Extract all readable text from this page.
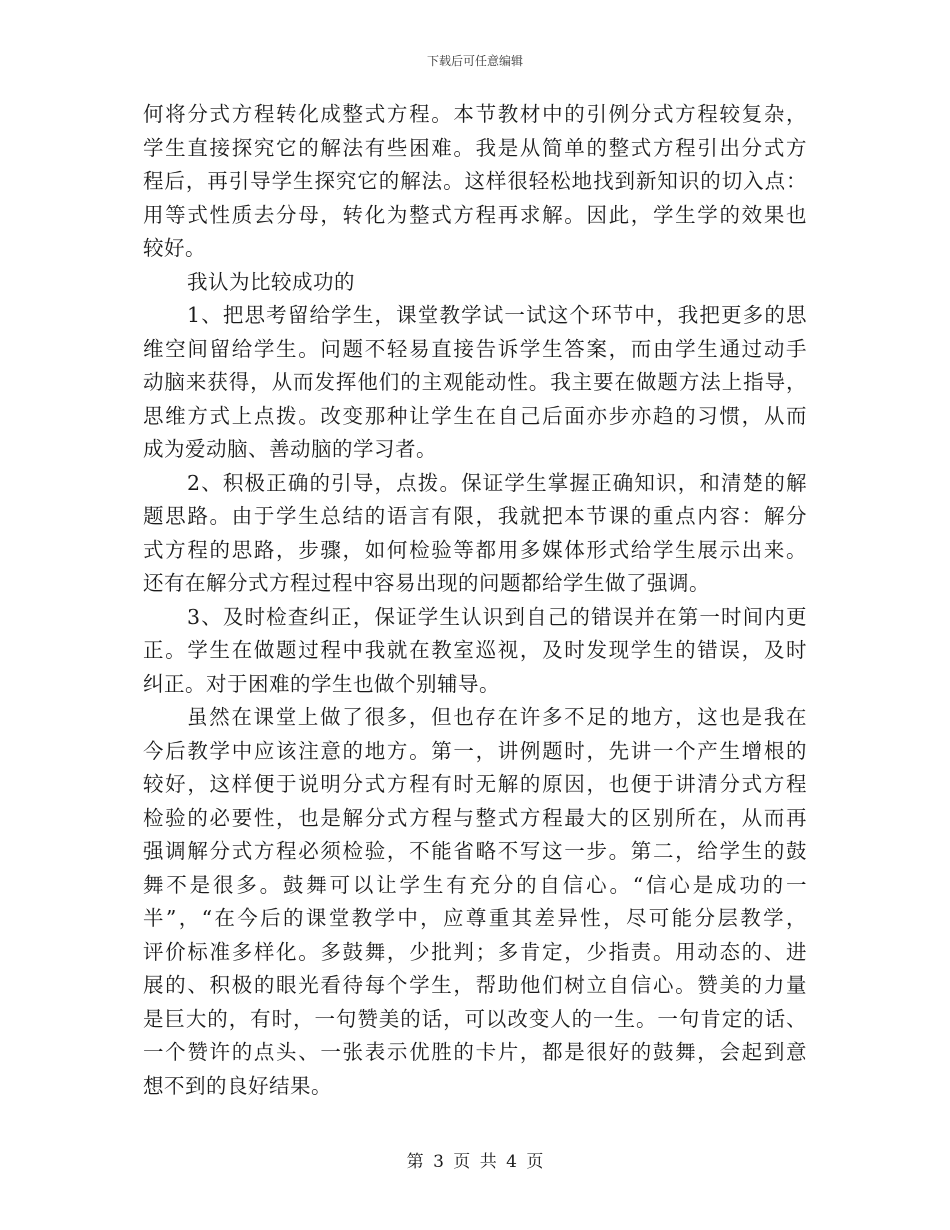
下载后可任意编辑
何将分式方程转化成整式方程。本节教材中的引例分式方程较复杂，
学生直接探究它的解法有些困难。我是从简单的整式方程引出分式方
程后，再引导学生探究它的解法。这样很轻松地找到新知识的切入点：
用等式性质去分母，转化为整式方程再求解。因此，学生学的效果也
较好。
我认为比较成功的
1、把思考留给学生，课堂教学试一试这个环节中，我把更多的思
维空间留给学生。问题不轻易直接告诉学生答案，而由学生通过动手
动脑来获得，从而发挥他们的主观能动性。我主要在做题方法上指导，
思维方式上点拨。改变那种让学生在自己后面亦步亦趋的习惯，从而
成为爱动脑、善动脑的学习者。
2、积极正确的引导，点拨。保证学生掌握正确知识，和清楚的解
题思路。由于学生总结的语言有限，我就把本节课的重点内容：解分
式方程的思路，步骤，如何检验等都用多媒体形式给学生展示出来。
还有在解分式方程过程中容易出现的问题都给学生做了强调。
3、及时检查纠正，保证学生认识到自己的错误并在第一时间内更
正。学生在做题过程中我就在教室巡视，及时发现学生的错误，及时
纠正。对于困难的学生也做个别辅导。
虽然在课堂上做了很多，但也存在许多不足的地方，这也是我在
今后教学中应该注意的地方。第一，讲例题时，先讲一个产生增根的
较好，这样便于说明分式方程有时无解的原因，也便于讲清分式方程
检验的必要性，也是解分式方程与整式方程最大的区别所在，从而再
强调解分式方程必须检验，不能省略不写这一步。第二，给学生的鼓
舞不是很多。鼓舞可以让学生有充分的自信心。“信心是成功的一
半”，“在今后的课堂教学中，应尊重其差异性，尽可能分层教学，
评价标准多样化。多鼓舞，少批判；多肯定，少指责。用动态的、进
展的、积极的眼光看待每个学生，帮助他们树立自信心。赞美的力量
是巨大的，有时，一句赞美的话，可以改变人的一生。一句肯定的话、
一个赞许的点头、一张表示优胜的卡片，都是很好的鼓舞，会起到意
想不到的良好结果。
第 3 页 共 4 页
